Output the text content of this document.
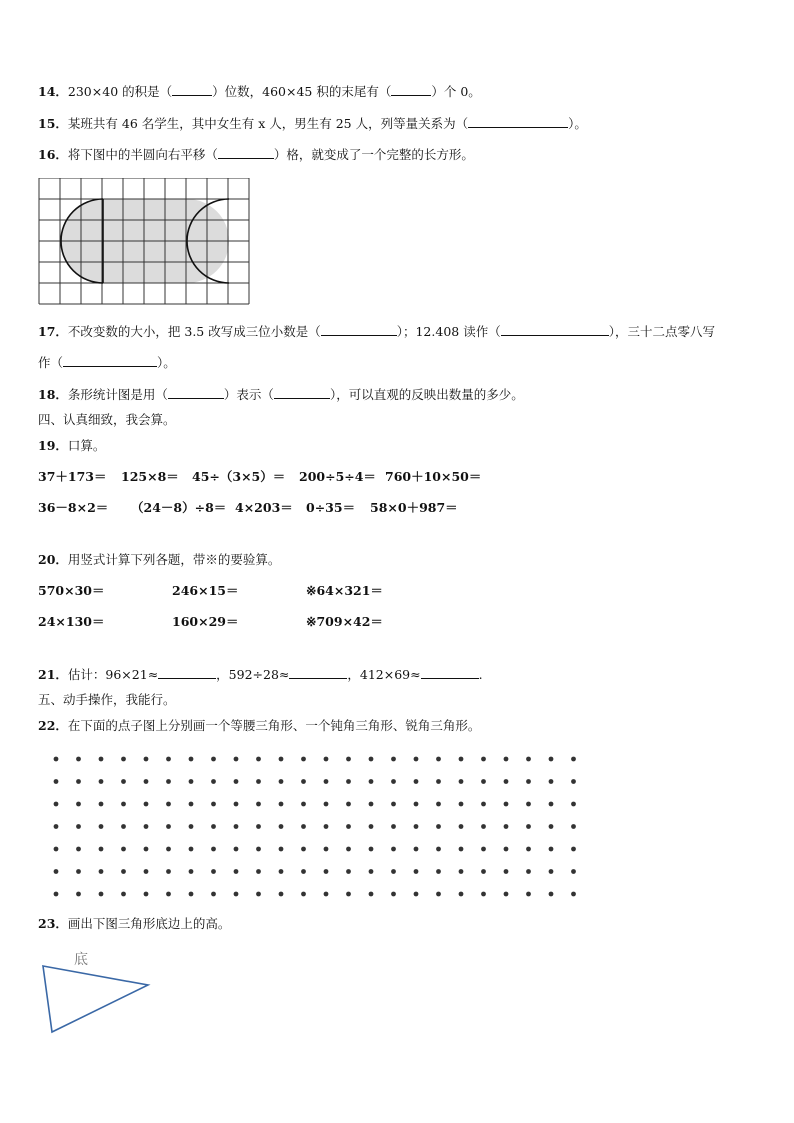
14．230×40 的积是（	）位数，460×45 积的末尾有（	）个 0。
15．某班共有 46 名学生，其中女生有 x 人，男生有 25 人，列等量关系为（	）。
16．将下图中的半圆向右平移（	）格，就变成了一个完整的长方形。
17．不改变数的大小，把 3.5 改写成三位小数是（	）；12.408 读作（	），三十二点零八写
作（	）。
18．条形统计图是用（	）表示（	），可以直观的反映出数量的多少。
四、认真细致，我会算。
19．口算。
37＋173＝ 125×8＝ 45÷（3×5）＝ 200÷5÷4＝ 760＋10×50＝
36－8×2＝ （24－8）÷8＝ 4×203＝ 0÷35＝ 58×0＋987＝
20．用竖式计算下列各题，带※的要验算。
570×30＝	246×15＝	※64×321＝
24×130＝	160×29＝	※709×42＝
21．估计：96×21≈	，592÷28≈	，412×69≈	.
五、动手操作，我能行。
22．在下面的点子图上分别画一个等腰三角形、一个钝角三角形、锐角三角形。
23．画出下图三角形底边上的高。
底
